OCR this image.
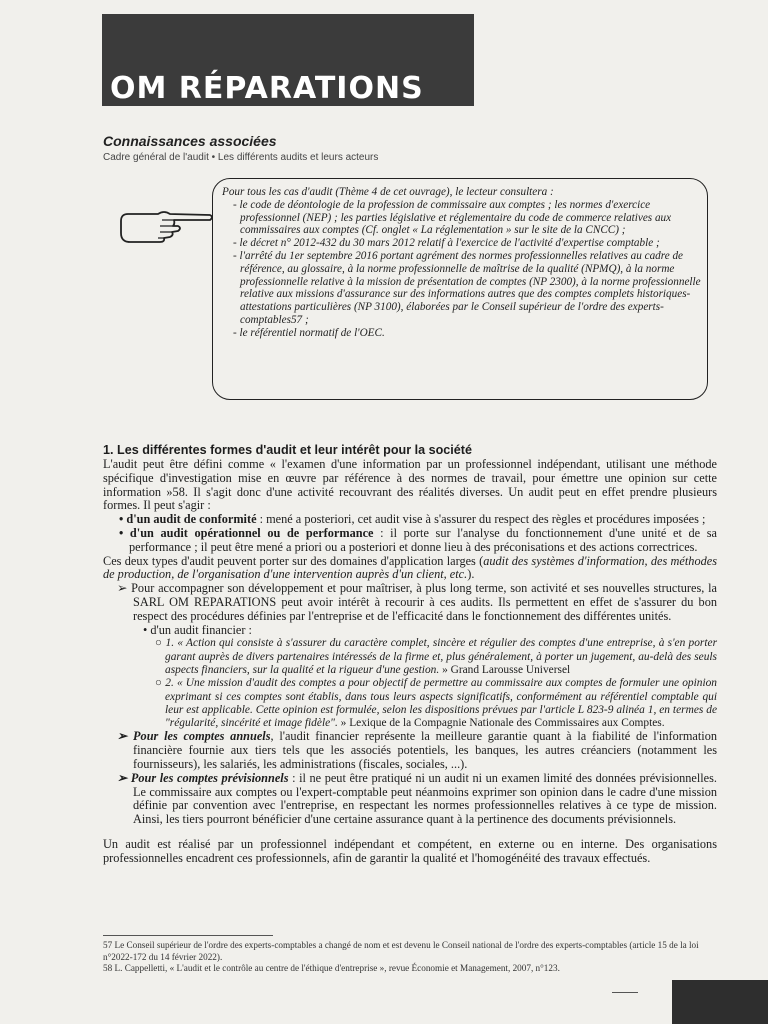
OM RÉPARATIONS
Connaissances associées
Cadre général de l'audit • Les différents audits et leurs acteurs
Pour tous les cas d'audit (Thème 4 de cet ouvrage), le lecteur consultera :
- le code de déontologie de la profession de commissaire aux comptes ; les normes d'exercice professionnel (NEP) ; les parties législative et réglementaire du code de commerce relatives aux commissaires aux comptes (Cf. onglet « La réglementation » sur le site de la CNCC) ;
- le décret n° 2012-432 du 30 mars 2012 relatif à l'exercice de l'activité d'expertise comptable ;
- l'arrêté du 1er septembre 2016 portant agrément des normes professionnelles relatives au cadre de référence, au glossaire, à la norme professionnelle de maîtrise de la qualité (NPMQ), à la norme professionnelle relative à la mission de présentation de comptes (NP 2300), à la norme professionnelle relative aux missions d'assurance sur des informations autres que des comptes complets historiques-attestations particulières (NP 3100), élaborées par le Conseil supérieur de l'ordre des experts-comptables57 ;
- le référentiel normatif de l'OEC.
1. Les différentes formes d'audit et leur intérêt pour la société

L'audit peut être défini comme « l'examen d'une information par un professionnel indépendant, utilisant une méthode spécifique d'investigation mise en œuvre par référence à des normes de travail, pour émettre une opinion sur cette information »58. Il s'agit donc d'une activité recouvrant des réalités diverses. Un audit peut en effet prendre plusieurs formes. Il peut s'agir :

• d'un audit de conformité : mené a posteriori, cet audit vise à s'assurer du respect des règles et procédures imposées ;

• d'un audit opérationnel ou de performance : il porte sur l'analyse du fonctionnement d'une unité et de sa performance ; il peut être mené a priori ou a posteriori et donne lieu à des préconisations et des actions correctrices.

Ces deux types d'audit peuvent porter sur des domaines d'application larges (audit des systèmes d'information, des méthodes de production, de l'organisation d'une intervention auprès d'un client, etc.).

➢ Pour accompagner son développement et pour maîtriser, à plus long terme, son activité et ses nouvelles structures, la SARL OM REPARATIONS peut avoir intérêt à recourir à ces audits. Ils permettent en effet de s'assurer du bon respect des procédures définies par l'entreprise et de l'efficacité dans le fonctionnement des différentes unités.

• d'un audit financier :

○ 1. « Action qui consiste à s'assurer du caractère complet, sincère et régulier des comptes d'une entreprise, à s'en porter garant auprès de divers partenaires intéressés de la firme et, plus généralement, à porter un jugement, au-delà des seuls aspects financiers, sur la qualité et la rigueur d'une gestion. » Grand Larousse Universel

○ 2. « Une mission d'audit des comptes a pour objectif de permettre au commissaire aux comptes de formuler une opinion exprimant si ces comptes sont établis, dans tous leurs aspects significatifs, conformément au référentiel comptable qui leur est applicable. Cette opinion est formulée, selon les dispositions prévues par l'article L 823-9 alinéa 1, en termes de "régularité, sincérité et image fidèle". » Lexique de la Compagnie Nationale des Commissaires aux Comptes.

➢ Pour les comptes annuels, l'audit financier représente la meilleure garantie quant à la fiabilité de l'information financière fournie aux tiers tels que les associés potentiels, les banques, les autres créanciers (notamment les fournisseurs), les salariés, les administrations (fiscales, sociales, ...).

➢ Pour les comptes prévisionnels : il ne peut être pratiqué ni un audit ni un examen limité des données prévisionnelles. Le commissaire aux comptes ou l'expert-comptable peut néanmoins exprimer son opinion dans le cadre d'une mission définie par convention avec l'entreprise, en respectant les normes professionnelles relatives à ce type de mission. Ainsi, les tiers pourront bénéficier d'une certaine assurance quant à la pertinence des documents prévisionnels.

Un audit est réalisé par un professionnel indépendant et compétent, en externe ou en interne. Des organisations professionnelles encadrent ces professionnels, afin de garantir la qualité et l'homogénéité des travaux effectués.

57 Le Conseil supérieur de l'ordre des experts-comptables a changé de nom et est devenu le Conseil national de l'ordre des experts-comptables (article 15 de la loi n°2022-172 du 14 février 2022).

58 L. Cappelletti, « L'audit et le contrôle au centre de l'éthique d'entreprise », revue Économie et Management, 2007, n°123.
